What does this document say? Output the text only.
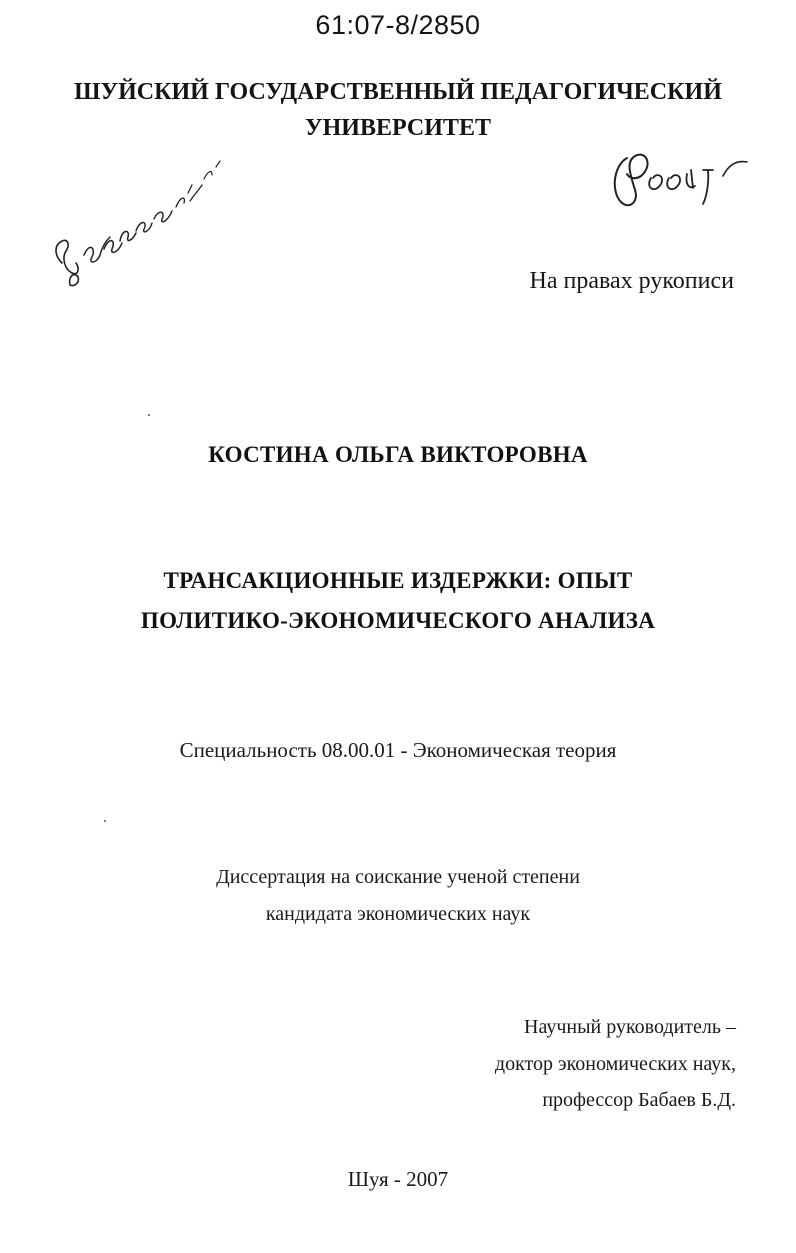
61:07-8/2850
ШУЙСКИЙ ГОСУДАРСТВЕННЫЙ ПЕДАГОГИЧЕСКИЙ
УНИВЕРСИТЕТ
На правах рукописи
КОСТИНА ОЛЬГА ВИКТОРОВНА
ТРАНСАКЦИОННЫЕ ИЗДЕРЖКИ: ОПЫТ
ПОЛИТИКО-ЭКОНОМИЧЕСКОГО АНАЛИЗА
Специальность 08.00.01 - Экономическая теория
Диссертация на соискание ученой степени
кандидата экономических наук
Научный руководитель –
доктор экономических наук,
профессор Бабаев Б.Д.
Шуя - 2007
